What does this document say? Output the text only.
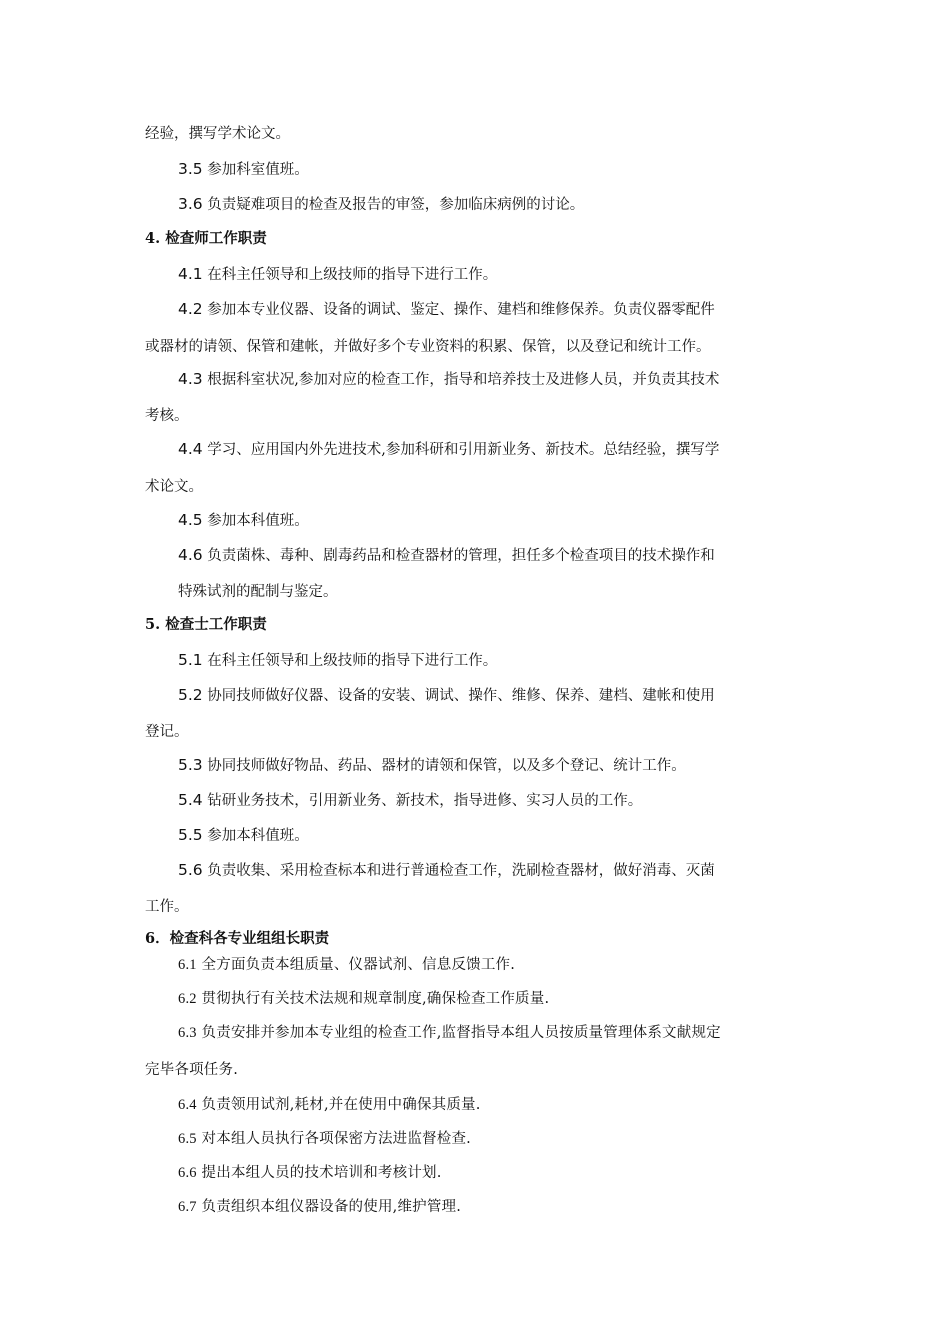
经验，撰写学术论文。
3.5 参加科室值班。
3.6 负责疑难项目的检查及报告的审签，参加临床病例的讨论。
4. 检查师工作职责
4.1 在科主任领导和上级技师的指导下进行工作。
4.2 参加本专业仪器、设备的调试、鉴定、操作、建档和维修保养。负责仪器零配件
或器材的请领、保管和建帐，并做好多个专业资料的积累、保管，以及登记和统计工作。
4.3 根据科室状况,参加对应的检查工作，指导和培养技士及进修人员，并负责其技术
考核。
4.4 学习、应用国内外先进技术,参加科研和引用新业务、新技术。总结经验，撰写学
术论文。
4.5 参加本科值班。
4.6 负责菌株、毒种、剧毒药品和检查器材的管理，担任多个检查项目的技术操作和
特殊试剂的配制与鉴定。
5. 检查士工作职责
5.1 在科主任领导和上级技师的指导下进行工作。
5.2 协同技师做好仪器、设备的安装、调试、操作、维修、保养、建档、建帐和使用
登记。
5.3 协同技师做好物品、药品、器材的请领和保管，以及多个登记、统计工作。
5.4 钻研业务技术，引用新业务、新技术，指导进修、实习人员的工作。
5.5 参加本科值班。
5.6 负责收集、采用检查标本和进行普通检查工作，洗刷检查器材，做好消毒、灭菌
工作。
6．检查科各专业组组长职责
6.1 全方面负责本组质量、仪器试剂、信息反馈工作.
6.2 贯彻执行有关技术法规和规章制度,确保检查工作质量.
6.3 负责安排并参加本专业组的检查工作,监督指导本组人员按质量管理体系文献规定
完毕各项任务.
6.4 负责领用试剂,耗材,并在使用中确保其质量.
6.5 对本组人员执行各项保密方法进监督检查.
6.6 提出本组人员的技术培训和考核计划.
6.7 负责组织本组仪器设备的使用,维护管理.
